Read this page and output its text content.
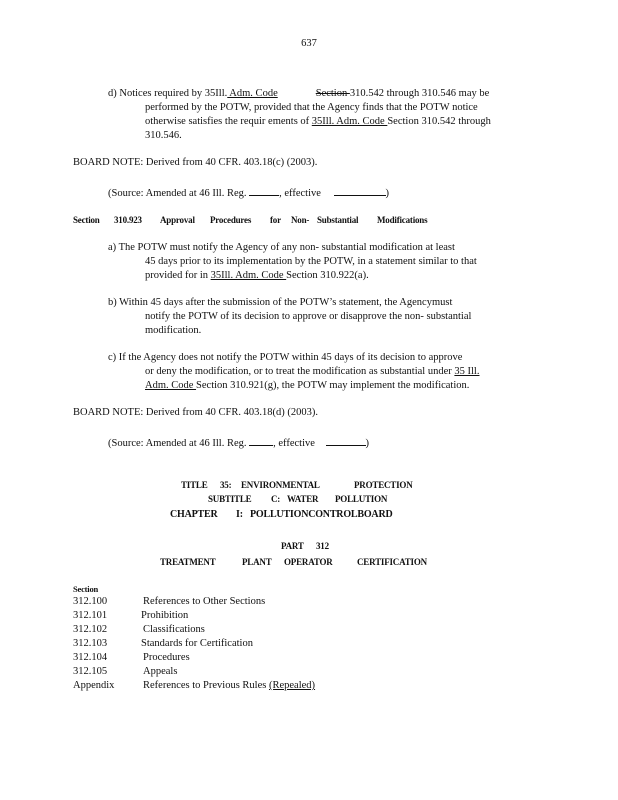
637
d) Notices required by 35Ill. Adm. Code	Section 310.542 through 310.546 may be
performed by the POTW, provided that the Agency finds that the POTW notice
otherwise satisfies the requir ements of 35Ill. Adm. Code Section 310.542 through
310.546.
BOARD NOTE: Derived from 40 CFR. 403.18(c) (2003).
(Source: Amended at 46 Ill. Reg.	, effective	)
Section 310.923 Approval Procedures for Non- Substantial Modifications
a) The POTW must notify the Agency of any non- substantial modification at least
45 days prior to its implementation by the POTW, in a statement similar to that
provided for in 35Ill. Adm. Code Section 310.922(a).
b) Within 45 days after the submission of the POTW’s statement, the Agencymust
notify the POTW of its decision to approve or disapprove the non- substantial
modification.
c) If the Agency does not notify the POTW within 45 days of its decision to approve
or deny the modification, or to treat the modification as substantial under 35 Ill.
Adm. Code Section 310.921(g), the POTW may implement the modification.
BOARD NOTE: Derived from 40 CFR. 403.18(d) (2003).
(Source: Amended at 46 Ill. Reg.	, effective	)
TITLE 35: ENVIRONMENTAL	PROTECTION
SUBTITLE C: WATER POLLUTION
CHAPTER I: POLLUTIONCONTROLBOARD
PART 312
TREATMENT	PLANT OPERATOR	CERTIFICATION
Section
312.100	References to Other Sections
312.101	Prohibition
312.102	Classifications
312.103	Standards for Certification
312.104	Procedures
312.105	Appeals
Appendix	References to Previous Rules (Repealed)
